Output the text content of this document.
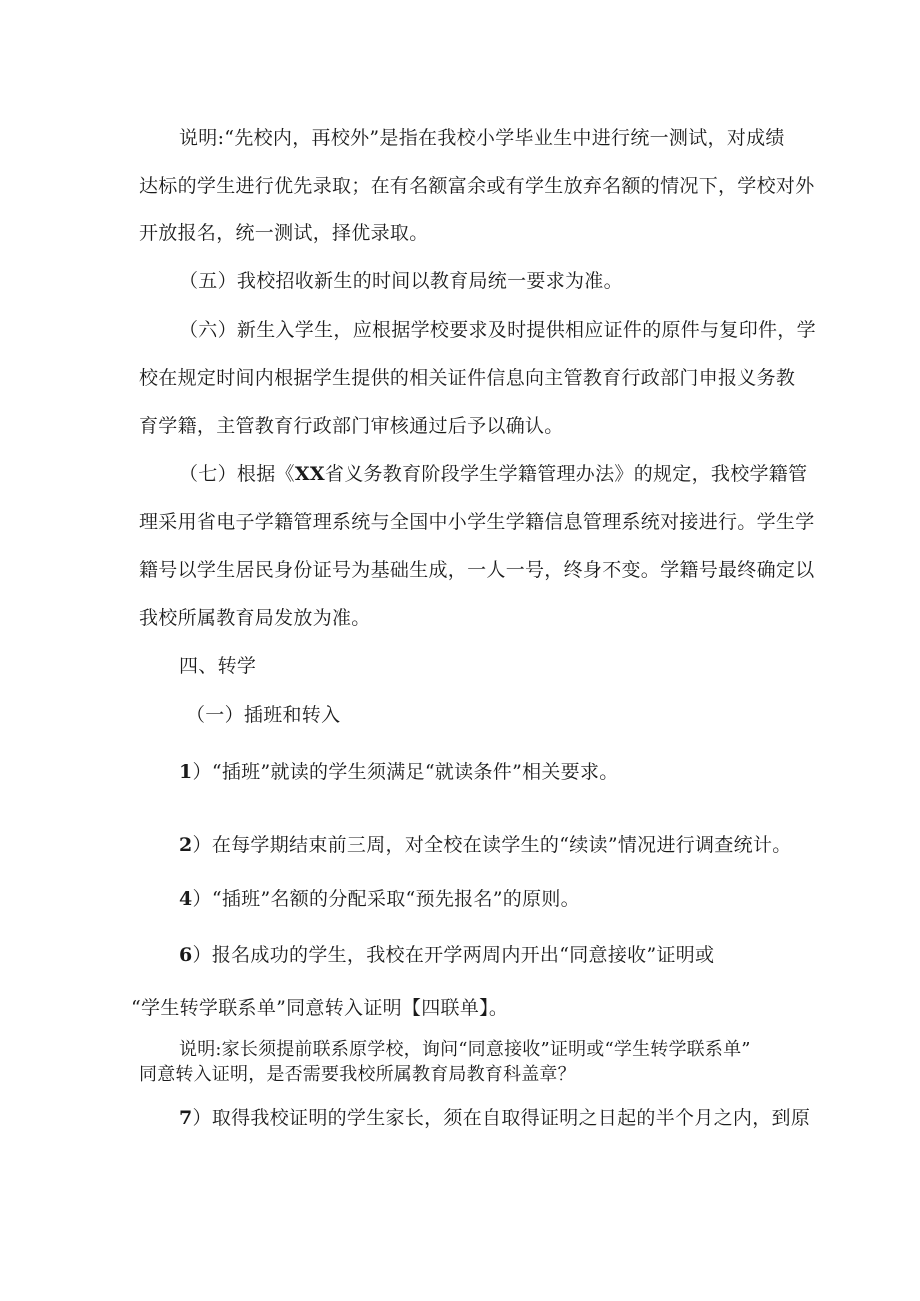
说明:“先校内，再校外”是指在我校小学毕业生中进行统一测试，对成绩
达标的学生进行优先录取；在有名额富余或有学生放弃名额的情况下，学校对外
开放报名，统一测试，择优录取。
（五）我校招收新生的时间以教育局统一要求为准。
（六）新生入学生，应根据学校要求及时提供相应证件的原件与复印件，学
校在规定时间内根据学生提供的相关证件信息向主管教育行政部门申报义务教
育学籍，主管教育行政部门审核通过后予以确认。
（七）根据《XX省义务教育阶段学生学籍管理办法》的规定，我校学籍管
理采用省电子学籍管理系统与全国中小学生学籍信息管理系统对接进行。学生学
籍号以学生居民身份证号为基础生成，一人一号，终身不变。学籍号最终确定以
我校所属教育局发放为准。
四、转学
（一）插班和转入
1）“插班”就读的学生须满足“就读条件”相关要求。
2）在每学期结束前三周，对全校在读学生的“续读”情况进行调查统计。
4）“插班”名额的分配采取“预先报名”的原则。
6）报名成功的学生，我校在开学两周内开出“同意接收”证明或
“学生转学联系单”同意转入证明【四联单】。
说明:家长须提前联系原学校，询问“同意接收”证明或“学生转学联系单”
同意转入证明，是否需要我校所属教育局教育科盖章？
7）取得我校证明的学生家长，须在自取得证明之日起的半个月之内，到原
